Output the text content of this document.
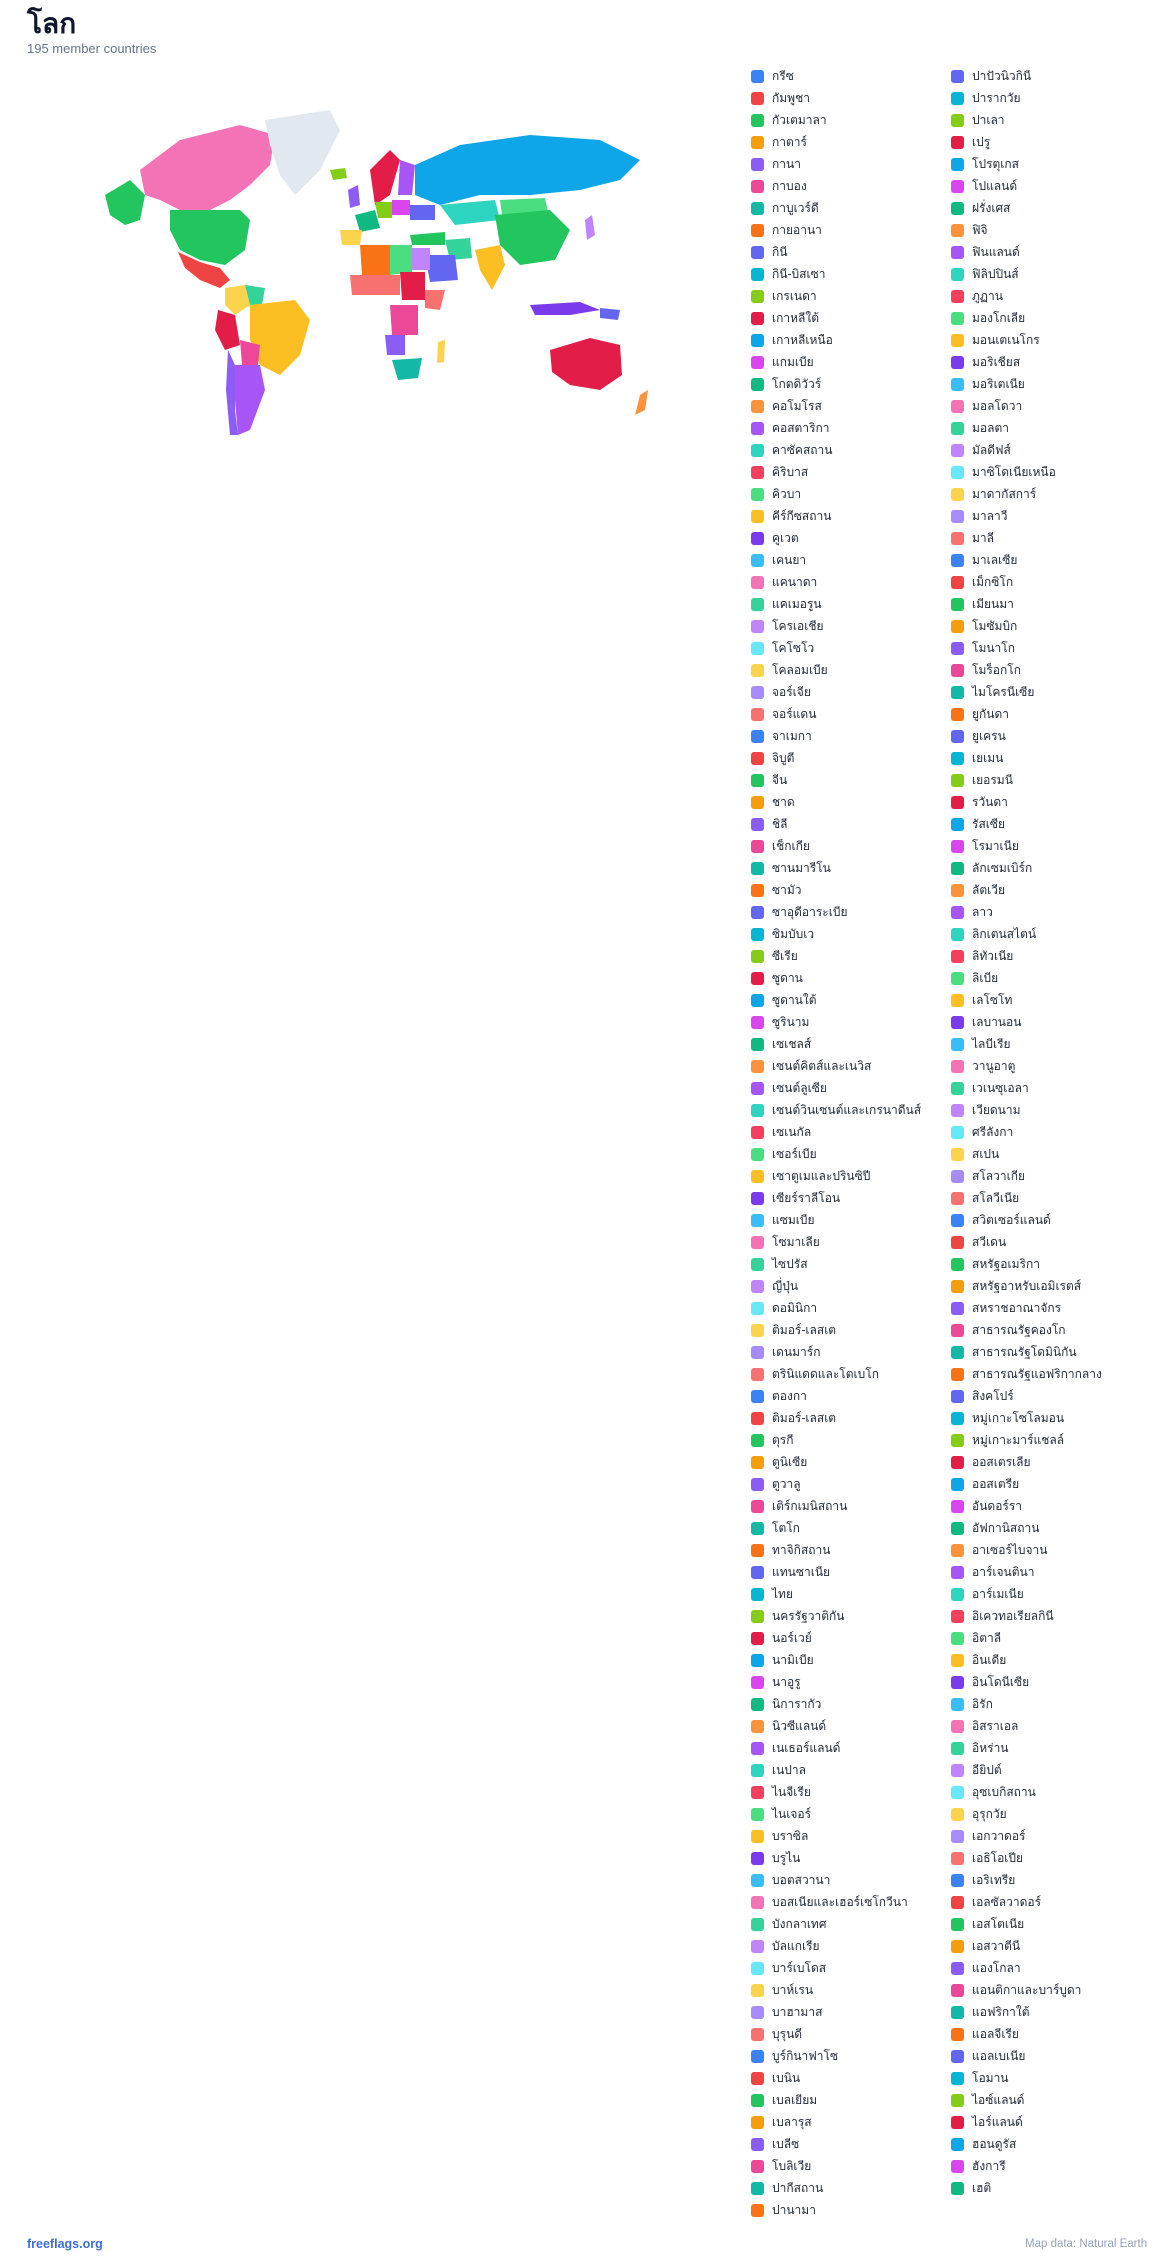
โลก
195 member countries
กรีซ
กัมพูชา
กัวเตมาลา
กาตาร์
กานา
กาบอง
กาบูเวร์ดี
กายอานา
กินี
กินี-บิสเซา
เกรเนดา
เกาหลีใต้
เกาหลีเหนือ
แกมเบีย
โกตดิวัวร์
คอโมโรส
คอสตาริกา
คาซัคสถาน
คิริบาส
คิวบา
คีร์กีซสถาน
คูเวต
เคนยา
แคนาดา
แคเมอรูน
โครเอเชีย
โคโซโว
โคลอมเบีย
จอร์เจีย
จอร์แดน
จาเมกา
จิบูตี
จีน
ชาด
ชิลี
เช็กเกีย
ซานมารีโน
ซามัว
ซาอุดีอาระเบีย
ซิมบับเว
ซีเรีย
ซูดาน
ซูดานใต้
ซูรินาม
เซเชลส์
เซนต์คิตส์และเนวิส
เซนต์ลูเซีย
เซนต์วินเซนต์และเกรนาดีนส์
เซเนกัล
เซอร์เบีย
เซาตูเมและปรินซิปี
เซียร์ราลีโอน
แซมเบีย
โซมาเลีย
ไซปรัส
ญี่ปุ่น
ดอมินิกา
ติมอร์-เลสเต
เดนมาร์ก
ตรินิแดดและโตเบโก
ตองกา
ติมอร์-เลสเต
ตุรกี
ตูนิเซีย
ตูวาลู
เติร์กเมนิสถาน
โตโก
ทาจิกิสถาน
แทนซาเนีย
ไทย
นครรัฐวาติกัน
นอร์เวย์
นามิเบีย
นาอูรู
นิการากัว
นิวซีแลนด์
เนเธอร์แลนด์
เนปาล
ไนจีเรีย
ไนเจอร์
บราซิล
บรูไน
บอตสวานา
บอสเนียและเฮอร์เซโกวีนา
บังกลาเทศ
บัลแกเรีย
บาร์เบโดส
บาห์เรน
บาฮามาส
บุรุนดี
บูร์กินาฟาโซ
เบนิน
เบลเยียม
เบลารุส
เบลีซ
โบลิเวีย
ปากีสถาน
ปานามา
ปาปัวนิวกินี
ปารากวัย
ปาเลา
เปรู
โปรตุเกส
โปแลนด์
ฝรั่งเศส
ฟิจิ
ฟินแลนด์
ฟิลิปปินส์
ภูฏาน
มองโกเลีย
มอนเตเนโกร
มอริเชียส
มอริเตเนีย
มอลโดวา
มอลตา
มัลดีฟส์
มาซิโดเนียเหนือ
มาดากัสการ์
มาลาวี
มาลี
มาเลเซีย
เม็กซิโก
เมียนมา
โมซัมบิก
โมนาโก
โมร็อกโก
ไมโครนีเซีย
ยูกันดา
ยูเครน
เยเมน
เยอรมนี
รวันดา
รัสเซีย
โรมาเนีย
ลักเซมเบิร์ก
ลัตเวีย
ลาว
ลิกเตนสไตน์
ลิทัวเนีย
ลิเบีย
เลโซโท
เลบานอน
ไลบีเรีย
วานูอาตู
เวเนซุเอลา
เวียดนาม
ศรีลังกา
สเปน
สโลวาเกีย
สโลวีเนีย
สวิตเซอร์แลนด์
สวีเดน
สหรัฐอเมริกา
สหรัฐอาหรับเอมิเรตส์
สหราชอาณาจักร
สาธารณรัฐคองโก
สาธารณรัฐโดมินิกัน
สาธารณรัฐแอฟริกากลาง
สิงคโปร์
หมู่เกาะโซโลมอน
หมู่เกาะมาร์แชลล์
ออสเตรเลีย
ออสเตรีย
อันดอร์รา
อัฟกานิสถาน
อาเซอร์ไบจาน
อาร์เจนตินา
อาร์เมเนีย
อิเควทอเรียลกินี
อิตาลี
อินเดีย
อินโดนีเซีย
อิรัก
อิสราเอล
อิหร่าน
อียิปต์
อุซเบกิสถาน
อุรุกวัย
เอกวาดอร์
เอธิโอเปีย
เอริเทรีย
เอลซัลวาดอร์
เอสโตเนีย
เอสวาตีนี
แองโกลา
แอนติกาและบาร์บูดา
แอฟริกาใต้
แอลจีเรีย
แอลเบเนีย
โอมาน
ไอซ์แลนด์
ไอร์แลนด์
ฮอนดูรัส
ฮังการี
เฮติ
freeflags.org	Map data: Natural Earth
